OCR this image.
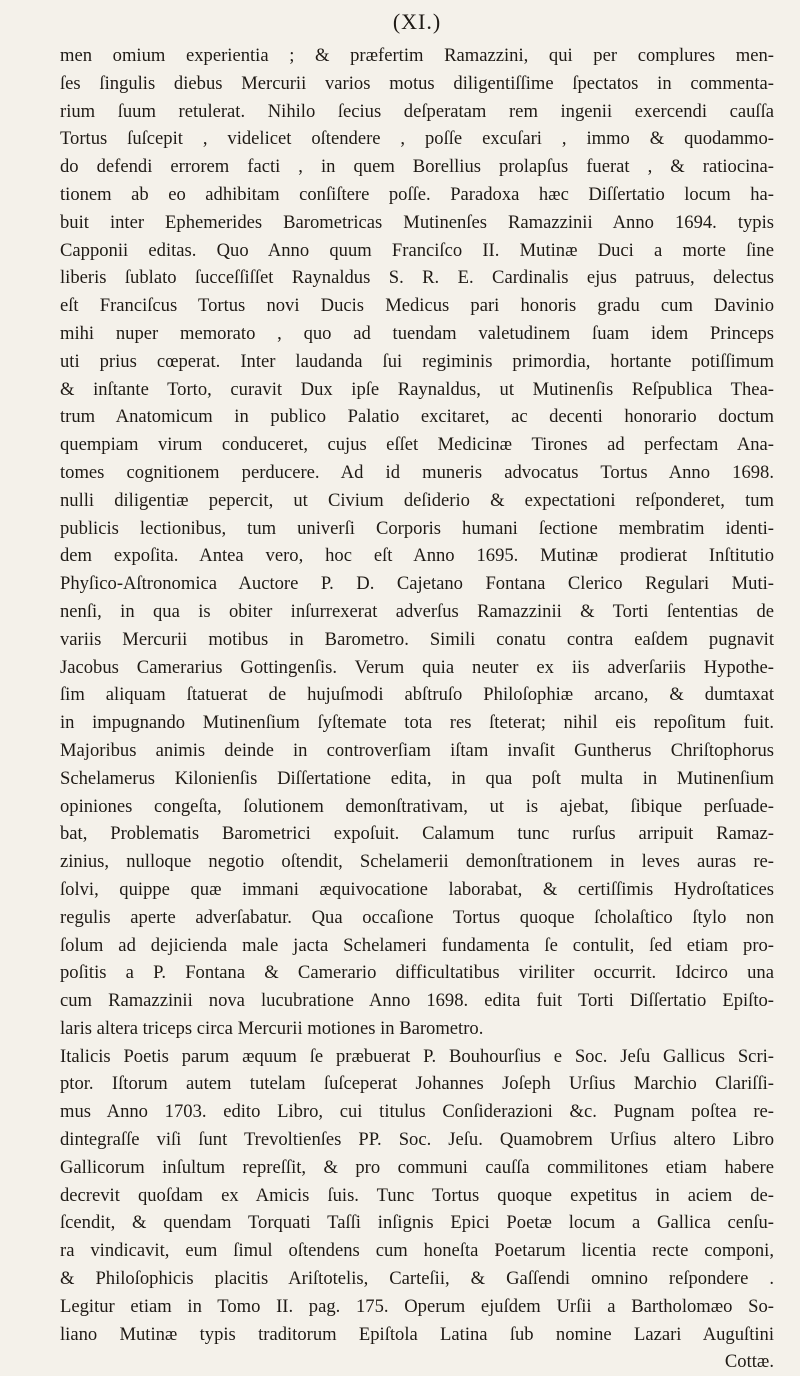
(XI.)
men omium experientia ; & prӕfertim Ramazzini, qui per complures men-
ſes ſingulis diebus Mercurii varios motus diligentiſſime ſpectatos in commenta-
rium ſuum retulerat. Nihilo ſecius deſperatam rem ingenii exercendi cauſſa
Tortus ſuſcepit , videlicet oſtendere , poſſe excuſari , immo & quodammo-
do defendi errorem facti , in quem Borellius prolapſus fuerat , & ratiocina-
tionem ab eo adhibitam conſiſtere poſſe. Paradoxa hӕc Diſſertatio locum ha-
buit inter Ephemerides Barometricas Mutinenſes Ramazzinii Anno 1694. typis
Capponii editas. Quo Anno quum Franciſco II. Mutinӕ Duci a morte ſine
liberis ſublato ſucceſſiſſet Raynaldus S. R. E. Cardinalis ejus patruus, delectus
eſt Franciſcus Tortus novi Ducis Medicus pari honoris gradu cum Davinio
mihi nuper memorato , quo ad tuendam valetudinem ſuam idem Princeps
uti prius cœperat. Inter laudanda ſui regiminis primordia, hortante potiſſimum
& inſtante Torto, curavit Dux ipſe Raynaldus, ut Mutinenſis Reſpublica Thea-
trum Anatomicum in publico Palatio excitaret, ac decenti honorario doctum
quempiam virum conduceret, cujus eſſet Medicinӕ Tirones ad perfectam Ana-
tomes cognitionem perducere. Ad id muneris advocatus Tortus Anno 1698.
nulli diligentiӕ pepercit, ut Civium deſiderio & expectationi reſponderet, tum
publicis lectionibus, tum univerſi Corporis humani ſectione membratim identi-
dem expoſita. Antea vero, hoc eſt Anno 1695. Mutinӕ prodierat Inſtitutio
Phyſico-Aſtronomica Auctore P. D. Cajetano Fontana Clerico Regulari Muti-
nenſi, in qua is obiter inſurrexerat adverſus Ramazzinii & Torti ſententias de
variis Mercurii motibus in Barometro. Simili conatu contra eaſdem pugnavit
Jacobus Camerarius Gottingenſis. Verum quia neuter ex iis adverſariis Hypothe-
ſim aliquam ſtatuerat de hujuſmodi abſtruſo Philoſophiӕ arcano, & dumtaxat
in impugnando Mutinenſium ſyſtemate tota res ſteterat; nihil eis repoſitum fuit.
Majoribus animis deinde in controverſiam iſtam invaſit Guntherus Chriſtophorus
Schelamerus Kilonienſis Diſſertatione edita, in qua poſt multa in Mutinenſium
opiniones congeſta, ſolutionem demonſtrativam, ut is ajebat, ſibique perſuade-
bat, Problematis Barometrici expoſuit. Calamum tunc rurſus arripuit Ramaz-
zinius, nulloque negotio oſtendit, Schelamerii demonſtrationem in leves auras re-
ſolvi, quippe quӕ immani ӕquivocatione laborabat, & certiſſimis Hydroſtatices
regulis aperte adverſabatur. Qua occaſione Tortus quoque ſcholaſtico ſtylo non
ſolum ad dejicienda male jacta Schelameri fundamenta ſe contulit, ſed etiam pro-
poſitis a P. Fontana & Camerario difficultatibus viriliter occurrit. Idcirco una
cum Ramazzinii nova lucubratione Anno 1698. edita fuit Torti Diſſertatio Epiſto-
laris altera triceps circa Mercurii motiones in Barometro.
Italicis Poetis parum ӕquum ſe prӕbuerat P. Bouhourſius e Soc. Jeſu Gallicus Scri-
ptor. Iſtorum autem tutelam ſuſceperat Johannes Joſeph Urſius Marchio Clariſſi-
mus Anno 1703. edito Libro, cui titulus Conſiderazioni &c. Pugnam poſtea re-
dintegraſſe viſi ſunt Trevoltienſes PP. Soc. Jeſu. Quamobrem Urſius altero Libro
Gallicorum inſultum repreſſit, & pro communi cauſſa commilitones etiam habere
decrevit quoſdam ex Amicis ſuis. Tunc Tortus quoque expetitus in aciem de-
ſcendit, & quendam Torquati Taſſi inſignis Epici Poetӕ locum a Gallica cenſu-
ra vindicavit, eum ſimul oſtendens cum honeſta Poetarum licentia recte componi,
& Philoſophicis placitis Ariſtotelis, Carteſii, & Gaſſendi omnino reſpondere .
Legitur etiam in Tomo II. pag. 175. Operum ejuſdem Urſii a Bartholomӕo So-
liano Mutinӕ typis traditorum Epiſtola Latina ſub nomine Lazari Auguſtini
Cottӕ.
